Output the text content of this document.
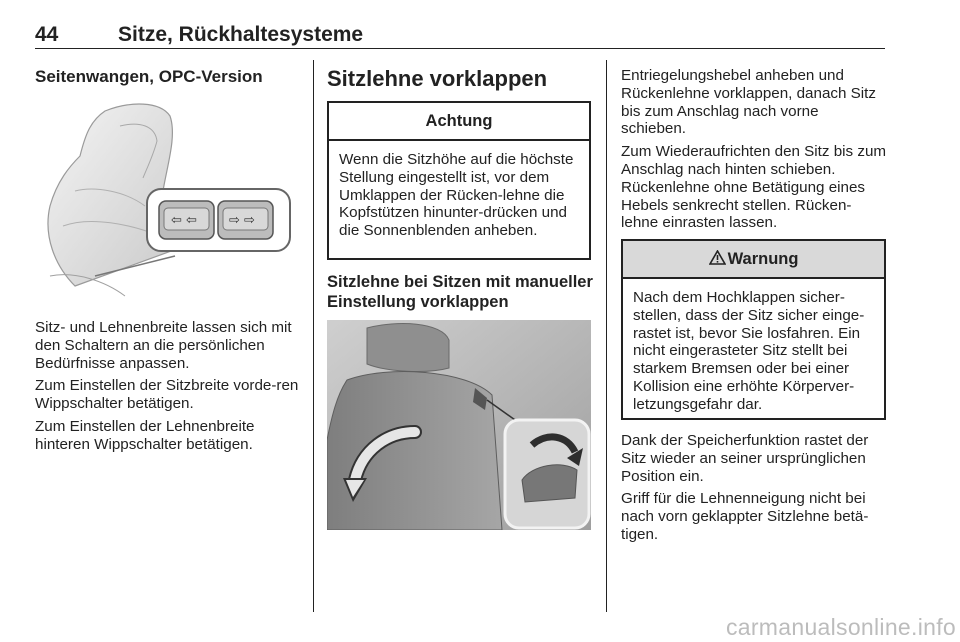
44	Sitze, Rückhaltesysteme
Seitenwangen, OPC-Version
⇦ ⇦ ⇨ ⇨

Sitz- und Lehnenbreite lassen sich mit den Schaltern an die persönlichen Bedürfnisse anpassen.

Zum Einstellen der Sitzbreite vorde-ren Wippschalter betätigen.

Zum Einstellen der Lehnenbreite hinteren Wippschalter betätigen.

Sitzlehne vorklappen
Achtung
Wenn die Sitzhöhe auf die höchste Stellung eingestellt ist, vor dem Umklappen der Rücken-lehne die Kopfstützen hinunter-drücken und die Sonnenblenden anheben.
Sitzlehne bei Sitzen mit manueller Einstellung vorklappen

Entriegelungshebel anheben und Rückenlehne vorklappen, danach Sitz bis zum Anschlag nach vorne schieben.

Zum Wiederaufrichten den Sitz bis zum Anschlag nach hinten schieben. Rückenlehne ohne Betätigung eines Hebels senkrecht stellen. Rücken-lehne einrasten lassen.

Warnung
Nach dem Hochklappen sicher-stellen, dass der Sitz sicher einge-rastet ist, bevor Sie losfahren. Ein nicht eingerasteter Sitz stellt bei starkem Bremsen oder bei einer Kollision eine erhöhte Körperver-letzungsgefahr dar.

Dank der Speicherfunktion rastet der Sitz wieder an seiner ursprünglichen Position ein.

Griff für die Lehnenneigung nicht bei nach vorn geklappter Sitzlehne betä-tigen.

carmanualsonline.info
